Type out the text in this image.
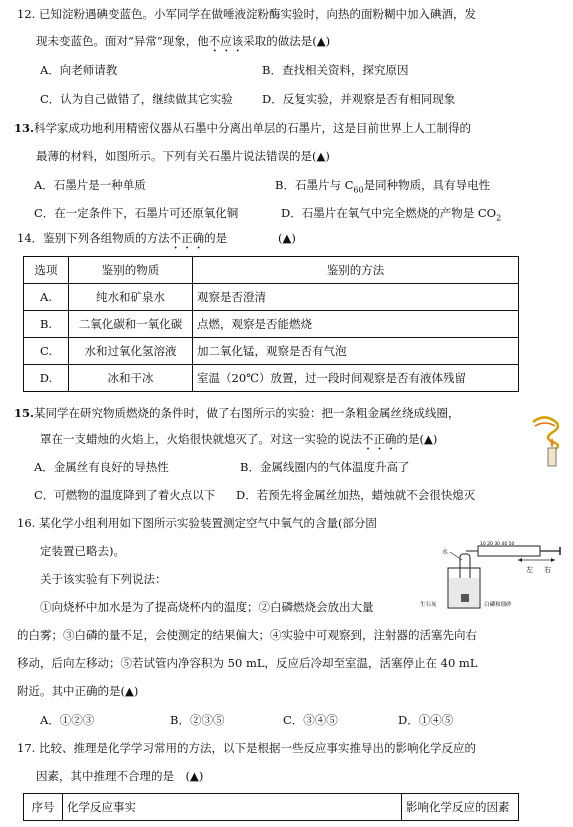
12. 已知淀粉遇碘变蓝色。小军同学在做唾液淀粉酶实验时，向热的面粉糊中加入碘酒，发
现未变蓝色。面对“异常”现象，他不应该采取的做法是(▲)
A．向老师请教	B．查找相关资料，探究原因
C．认为自己做错了，继续做其它实验	D．反复实验，并观察是否有相同现象
13.科学家成功地利用精密仪器从石墨中分离出单层的石墨片，这是目前世界上人工制得的
最薄的材料，如图所示。下列有关石墨片说法错误的是(▲)
A．石墨片是一种单质	B．石墨片与 $C_{60}$是同种物质，具有导电性
C．在一定条件下，石墨片可还原氧化铜	D．石墨片在氧气中完全燃烧的产物是 $CO_2$
14．鉴别下列各组物质的方法不正确的是	(▲)
选项	鉴别的物质	鉴别的方法
A.	纯水和矿泉水	观察是否澄清
B.	二氧化碳和一氧化碳	点燃，观察是否能燃烧
C.	水和过氧化氢溶液	加二氧化锰，观察是否有气泡
D.	冰和干冰	室温（20℃）放置，过一段时间观察是否有液体残留
15.某同学在研究物质燃烧的条件时，做了右图所示的实验：把一条粗金属丝绕成线圈，
罩在一支蜡烛的火焰上，火焰很快就熄灭了。对这一实验的说法不正确的是(▲)
A．金属丝有良好的导热性	B．金属线圈内的气体温度升高了
C．可燃物的温度降到了着火点以下 D．若预先将金属丝加热，蜡烛就不会很快熄灭
16. 某化学小组利用如下图所示实验装置测定空气中氧气的含量(部分固
定装置已略去)。
关于该实验有下列说法：
10 20 30 40 50
左 右
水
生石灰	白磷和细砂
①向烧杯中加水是为了提高烧杯内的温度；②白磷燃烧会放出大量
的白雾；③白磷的量不足，会使测定的结果偏大；④实验中可观察到，注射器的活塞先向右
移动，后向左移动；⑤若试管内净容积为 50 mL，反应后冷却至室温，活塞停止在 40 mL
附近。其中正确的是(▲)
A．①②③	B．②③⑤	C．③④⑤	D．①④⑤
17. 比较、推理是化学学习常用的方法，以下是根据一些反应事实推导出的影响化学反应的
因素，其中推理不合理的是  (▲)
序号	化学反应事实	影响化学反应的因素
